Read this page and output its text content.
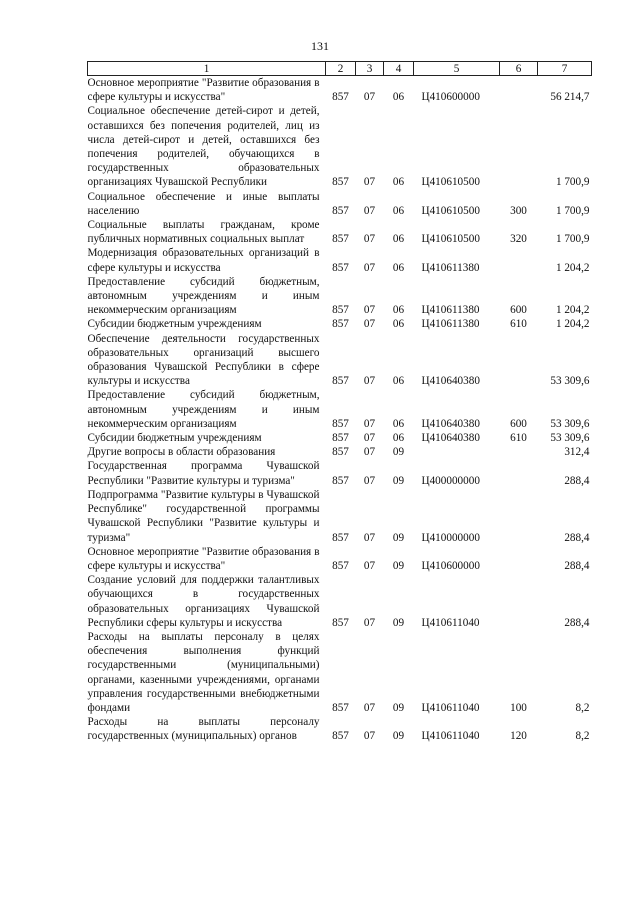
131
1	2	3	4	5	6	7
Основное мероприятие "Развитие образования в сфере культуры и искусства"	857	07	06	Ц410600000		56 214,7
Социальное обеспечение детей-сирот и детей, оставшихся без попечения родителей, лиц из числа детей-сирот и детей, оставшихся без попечения родителей, обучающихся в государственных образовательных организациях Чувашской Республики	857	07	06	Ц410610500		1 700,9
Социальное обеспечение и иные выплаты населению	857	07	06	Ц410610500	300	1 700,9
Социальные выплаты гражданам, кроме публичных нормативных социальных выплат	857	07	06	Ц410610500	320	1 700,9
Модернизация образовательных организаций в сфере культуры и искусства	857	07	06	Ц410611380		1 204,2
Предоставление субсидий бюджетным, автономным учреждениям и иным некоммерческим организациям	857	07	06	Ц410611380	600	1 204,2
Субсидии бюджетным учреждениям	857	07	06	Ц410611380	610	1 204,2
Обеспечение деятельности государственных образовательных организаций высшего образования Чувашской Республики в сфере культуры и искусства	857	07	06	Ц410640380		53 309,6
Предоставление субсидий бюджетным, автономным учреждениям и иным некоммерческим организациям	857	07	06	Ц410640380	600	53 309,6
Субсидии бюджетным учреждениям	857	07	06	Ц410640380	610	53 309,6
Другие вопросы в области образования	857	07	09			312,4
Государственная программа Чувашской Республики "Развитие культуры и туризма"	857	07	09	Ц400000000		288,4
Подпрограмма "Развитие культуры в Чувашской Республике" государственной программы Чувашской Республики "Развитие культуры и туризма"	857	07	09	Ц410000000		288,4
Основное мероприятие "Развитие образования в сфере культуры и искусства"	857	07	09	Ц410600000		288,4
Создание условий для поддержки талантливых обучающихся в государственных образовательных организациях Чувашской Республики сферы культуры и искусства	857	07	09	Ц410611040		288,4
Расходы на выплаты персоналу в целях обеспечения выполнения функций государственными (муниципальными) органами, казенными учреждениями, органами управления государственными внебюджетными фондами	857	07	09	Ц410611040	100	8,2
Расходы на выплаты персоналу государственных (муниципальных) органов	857	07	09	Ц410611040	120	8,2
